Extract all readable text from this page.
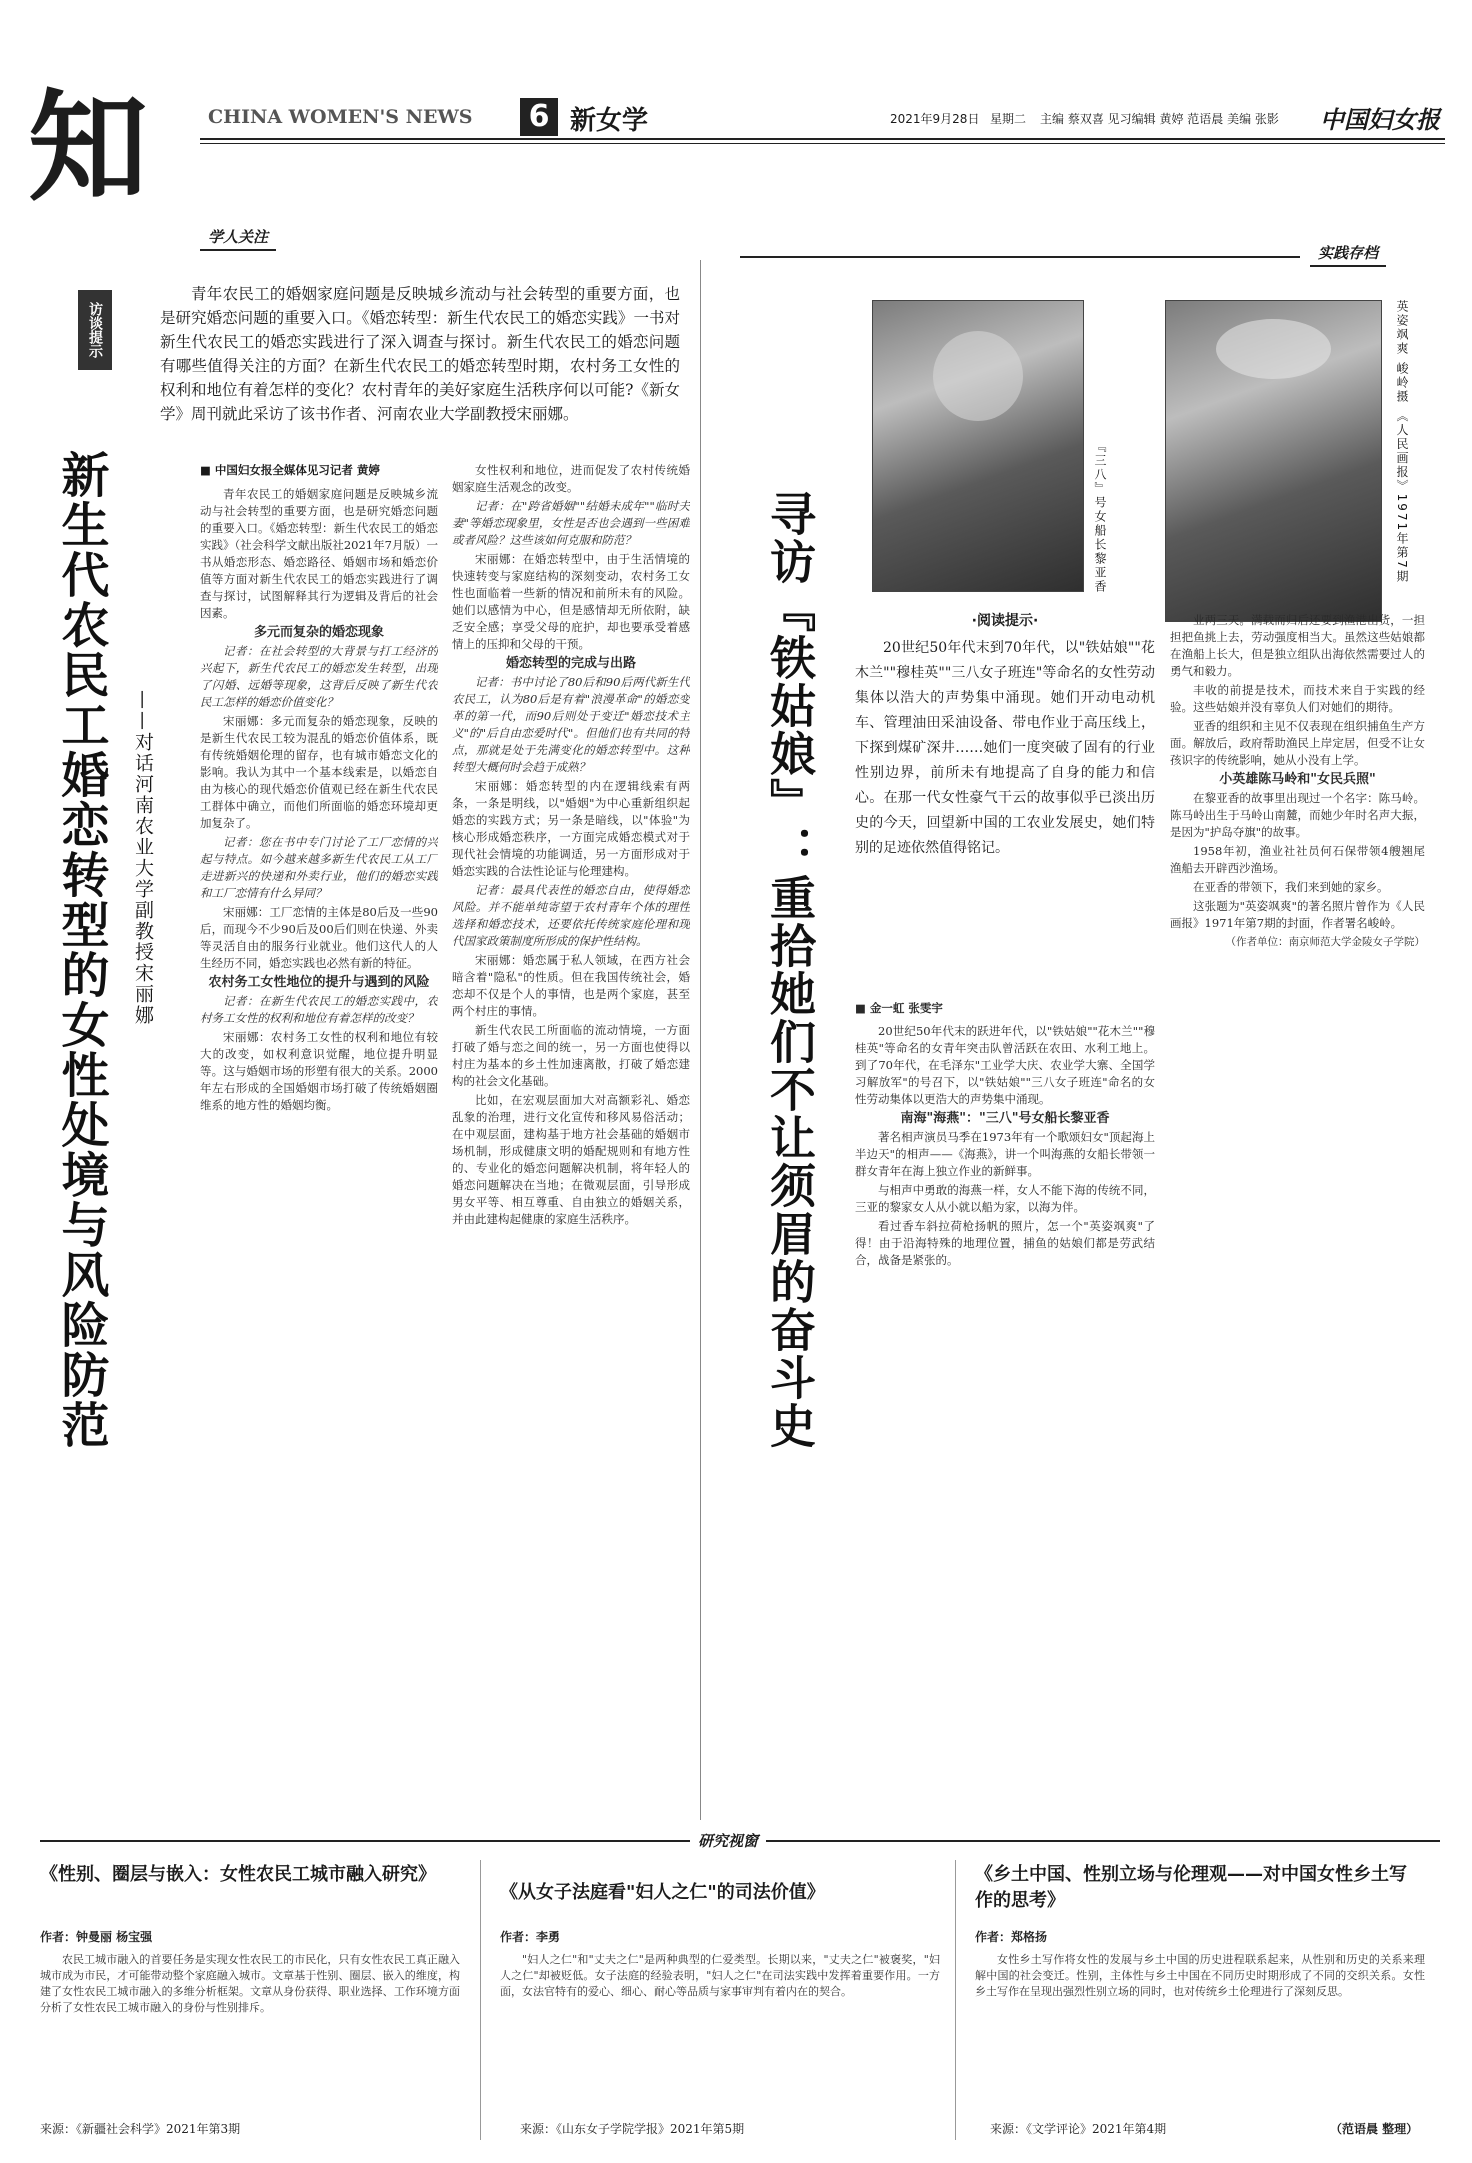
知	CHINA WOMEN'S NEWS 6 新女学	2021年9月28日 星期二 主编 蔡双喜 见习编辑 黄婷 范语晨 美编 张影 中国妇女报
学人关注
访谈提示
青年农民工的婚姻家庭问题是反映城乡流动与社会转型的重要方面，也是研究婚恋问题的重要入口。《婚恋转型：新生代农民工的婚恋实践》一书对新生代农民工的婚恋实践进行了深入调查与探讨。新生代农民工的婚恋问题有哪些值得关注的方面？在新生代农民工的婚恋转型时期，农村务工女性的权利和地位有着怎样的变化？农村青年的美好家庭生活秩序何以可能?《新女学》周刊就此采访了该书作者、河南农业大学副教授宋丽娜。
新生代农民工婚恋转型的女性处境与风险防范 ——对话河南农业大学副教授宋丽娜
■ 中国妇女报全媒体见习记者 黄婷

青年农民工的婚姻家庭问题是反映城乡流动与社会转型的重要方面，也是研究婚恋问题的重要入口。《婚恋转型：新生代农民工的婚恋实践》（社会科学文献出版社2021年7月版）一书从婚恋形态、婚恋路径、婚姻市场和婚恋价值等方面对新生代农民工的婚恋实践进行了调查与探讨，试图解释其行为逻辑及背后的社会因素。

多元而复杂的婚恋现象

记者：在社会转型的大背景与打工经济的兴起下，新生代农民工的婚恋发生转型，出现了闪婚、远婚等现象，这背后反映了新生代农民工怎样的婚恋价值变化？

宋丽娜：多元而复杂的婚恋现象，反映的是新生代农民工较为混乱的婚恋价值体系，既有传统婚姻伦理的留存，也有城市婚恋文化的影响。我认为其中一个基本线索是，以婚恋自由为核心的现代婚恋价值观已经在新生代农民工群体中确立，而他们所面临的婚恋环境却更加复杂了。

记者：您在书中专门讨论了工厂恋情的兴起与特点。如今越来越多新生代农民工从工厂走进新兴的快递和外卖行业，他们的婚恋实践和工厂恋情有什么异同？

宋丽娜：工厂恋情的主体是80后及一些90后，而现今不少90后及00后们则在快递、外卖等灵活自由的服务行业就业。他们这代人的人生经历不同，婚恋实践也必然有新的特征。

农村务工女性地位的提升与遇到的风险

记者：在新生代农民工的婚恋实践中，农村务工女性的权利和地位有着怎样的改变？

宋丽娜：农村务工女性的权利和地位有较大的改变，如权利意识觉醒，地位提升明显等。这与婚姻市场的形塑有很大的关系。2000年左右形成的全国婚姻市场打破了传统婚姻圈维系的地方性的婚姻均衡。

女性权利和地位，进而促发了农村传统婚姻家庭生活观念的改变。

记者：在"跨省婚姻""结婚未成年""临时夫妻"等婚恋现象里，女性是否也会遇到一些困难或者风险？这些该如何克服和防范？

宋丽娜：在婚恋转型中，由于生活情境的快速转变与家庭结构的深刻变动，农村务工女性也面临着一些新的情况和前所未有的风险。她们以感情为中心，但是感情却无所依附，缺乏安全感；享受父母的庇护，却也要承受着感情上的压抑和父母的干预。

婚恋转型的完成与出路

记者：书中讨论了80后和90后两代新生代农民工，认为80后是有着"浪漫革命"的婚恋变革的第一代，而90后则处于变迁"婚恋技术主义"的"后自由恋爱时代"。但他们也有共同的特点，那就是处于先满变化的婚恋转型中。这种转型大概何时会趋于成熟？

宋丽娜：婚恋转型的内在逻辑线索有两条，一条是明线，以"婚姻"为中心重新组织起婚恋的实践方式；另一条是暗线，以"体验"为核心形成婚恋秩序，一方面完成婚恋模式对于现代社会情境的功能调适，另一方面形成对于婚恋实践的合法性论证与伦理建构。

记者：最具代表性的婚恋自由，使得婚恋风险。并不能单纯寄望于农村青年个体的理性选择和婚恋技术，还要依托传统家庭伦理和现代国家政策制度所形成的保护性结构。

宋丽娜：婚恋属于私人领域，在西方社会暗含着"隐私"的性质。但在我国传统社会，婚恋却不仅是个人的事情，也是两个家庭，甚至两个村庄的事情。

新生代农民工所面临的流动情境，一方面打破了婚与恋之间的统一，另一方面也使得以村庄为基本的乡土性加速离散，打破了婚恋建构的社会文化基础。

比如，在宏观层面加大对高额彩礼、婚恋乱象的治理，进行文化宣传和移风易俗活动；在中观层面，建构基于地方社会基础的婚姻市场机制，形成健康文明的婚配规则和有地方性的、专业化的婚恋问题解决机制，将年轻人的婚恋问题解决在当地；在微观层面，引导形成男女平等、相互尊重、自由独立的婚姻关系，并由此建构起健康的家庭生活秩序。

实践存档
寻访『铁姑娘』：重拾她们不让须眉的奋斗史	『三八』号女船长黎亚香	英姿飒爽 峻岭摄 《人民画报》1971年第7期
·阅读提示·
20世纪50年代末到70年代，以"铁姑娘""花木兰""穆桂英""三八女子班连"等命名的女性劳动集体以浩大的声势集中涌现。她们开动电动机车、管理油田采油设备、带电作业于高压线上，下探到煤矿深井……她们一度突破了固有的行业性别边界，前所未有地提高了自身的能力和信心。在那一代女性豪气干云的故事似乎已淡出历史的今天，回望新中国的工农业发展史，她们特别的足迹依然值得铭记。

■ 金一虹 张雯宇

20世纪50年代末的跃进年代，以"铁姑娘""花木兰""穆桂英"等命名的女青年突击队曾活跃在农田、水利工地上。到了70年代，在毛泽东"工业学大庆、农业学大寨、全国学习解放军"的号召下，以"铁姑娘""三八女子班连"命名的女性劳动集体以更浩大的声势集中涌现。

南海"海燕"："三八"号女船长黎亚香

著名相声演员马季在1973年有一个歌颂妇女"顶起海上半边天"的相声——《海燕》，讲一个叫海燕的女船长带领一群女青年在海上独立作业的新鲜事。

与相声中勇敢的海燕一样，女人不能下海的传统不同，三亚的黎家女人从小就以船为家，以海为伴。

看过香车斜拉荷枪扬帆的照片，怎一个"英姿飒爽"了得！由于沿海特殊的地理位置，捕鱼的姑娘们都是劳武结合，战备是紧张的。

业两三天。满载而归后还要到渔港出货，一担担把鱼挑上去，劳动强度相当大。虽然这些姑娘都在渔船上长大，但是独立组队出海依然需要过人的勇气和毅力。

丰收的前提是技术，而技术来自于实践的经验。这些姑娘并没有辜负人们对她们的期待。

亚香的组织和主见不仅表现在组织捕鱼生产方面。解放后，政府帮助渔民上岸定居，但受不让女孩识字的传统影响，她从小没有上学。

小英雄陈马岭和"女民兵照"

在黎亚香的故事里出现过一个名字：陈马岭。陈马岭出生于马岭山南麓，而她少年时名声大振，是因为"护岛夺旗"的故事。

1958年初，渔业社社员何石保带领4艘翘尾渔船去开辟西沙渔场。

在亚香的带领下，我们来到她的家乡。

这张题为"英姿飒爽"的著名照片曾作为《人民画报》1971年第7期的封面，作者署名峻岭。

（作者单位：南京师范大学金陵女子学院）

研究视窗
《性别、圈层与嵌入：女性农民工城市融入研究》
作者：钟曼丽 杨宝强
农民工城市融入的首要任务是实现女性农民工的市民化，只有女性农民工真正融入城市成为市民，才可能带动整个家庭融入城市。文章基于性别、圈层、嵌入的维度，构建了女性农民工城市融入的多维分析框架。文章从身份获得、职业选择、工作环境方面分析了女性农民工城市融入的身份与性别排斥。
来源：《新疆社会科学》2021年第3期
《从女子法庭看"妇人之仁"的司法价值》
作者：李勇
"妇人之仁"和"丈夫之仁"是两种典型的仁爱类型。长期以来，"丈夫之仁"被褒奖，"妇人之仁"却被贬低。女子法庭的经验表明，"妇人之仁"在司法实践中发挥着重要作用。一方面，女法官特有的爱心、细心、耐心等品质与家事审判有着内在的契合。
来源：《山东女子学院学报》2021年第5期
《乡土中国、性别立场与伦理观——对中国女性乡土写作的思考》
作者：郑格扬
女性乡土写作将女性的发展与乡土中国的历史进程联系起来，从性别和历史的关系来理解中国的社会变迁。性别，主体性与乡土中国在不同历史时期形成了不同的交织关系。女性乡土写作在呈现出强烈性别立场的同时，也对传统乡土伦理进行了深刻反思。
来源：《文学评论》2021年第4期	（范语晨 整理）
